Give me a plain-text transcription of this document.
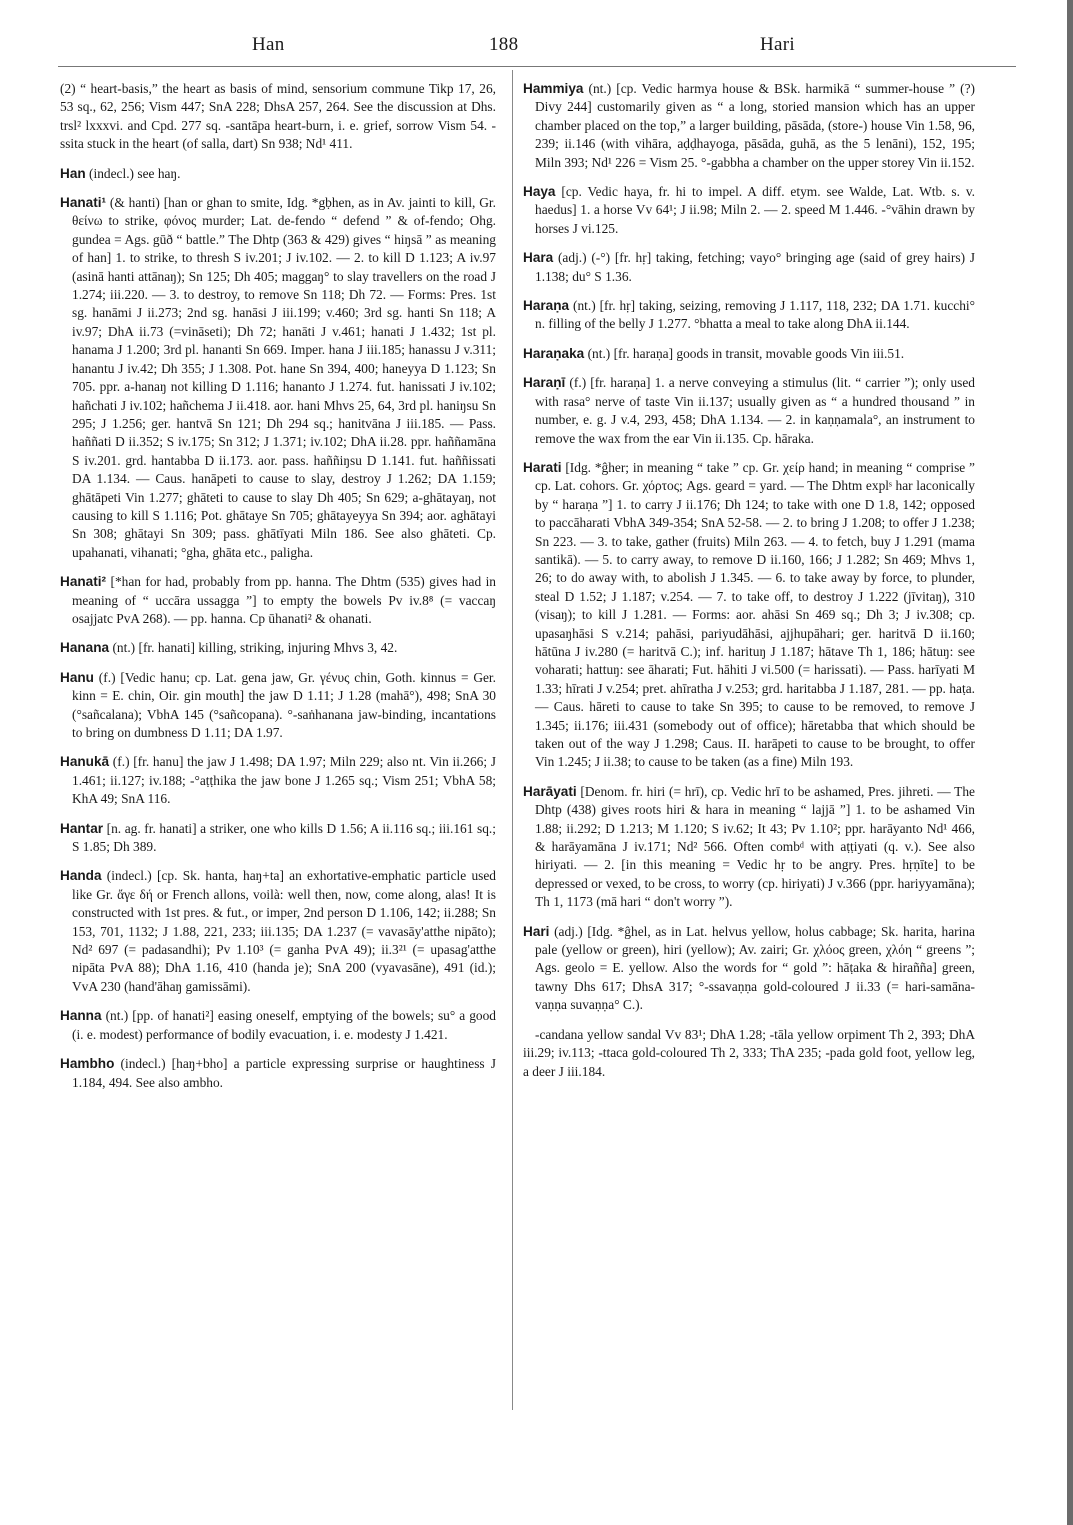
Han	188	Hari

(2) “ heart-basis,” the heart as basis of mind, sensorium commune Tikp 17, 26, 53 sq., 62, 256; Vism 447; SnA 228; DhsA 257, 264. See the discussion at Dhs. trsl² lxxxvi. and Cpd. 277 sq. -santāpa heart-burn, i. e. grief, sorrow Vism 54. -ssita stuck in the heart (of salla, dart) Sn 938; Nd¹ 411.

Han (indecl.) see haŋ.

Hanati¹ (& hanti) [han or ghan to smite, Idg. *gḅhen, as in Av. jainti to kill, Gr. θείνω to strike, φόνος murder; Lat. de-fendo “ defend ” & of-fendo; Ohg. gundea = Ags. gūð “ battle.” The Dhtp (363 & 429) gives “ hiŋsā ” as meaning of han] 1. to strike, to thresh S iv.201; J iv.102. — 2. to kill D 1.123; A iv.97 (asinā hanti attānaŋ); Sn 125; Dh 405; maggaŋ° to slay travellers on the road J 1.274; iii.220. — 3. to destroy, to remove Sn 118; Dh 72. — Forms: Pres. 1st sg. hanāmi J ii.273; 2nd sg. hanāsi J iii.199; v.460; 3rd sg. hanti Sn 118; A iv.97; DhA ii.73 (=vināseti); Dh 72; hanāti J v.461; hanati J 1.432; 1st pl. hanama J 1.200; 3rd pl. hananti Sn 669. Imper. hana J iii.185; hanassu J v.311; hanantu J iv.42; Dh 355; J 1.308. Pot. hane Sn 394, 400; haneyya D 1.123; Sn 705. ppr. a-hanaŋ not killing D 1.116; hananto J 1.274. fut. hanissati J iv.102; hañchati J iv.102; hañchema J ii.418. aor. hani Mhvs 25, 64, 3rd pl. haniŋsu Sn 295; J 1.256; ger. hantvā Sn 121; Dh 294 sq.; hanitvāna J iii.185. — Pass. haññati D ii.352; S iv.175; Sn 312; J 1.371; iv.102; DhA ii.28. ppr. haññamāna S iv.201. grd. hantabba D ii.173. aor. pass. haññiŋsu D 1.141. fut. haññissati DA 1.134. — Caus. hanāpeti to cause to slay, destroy J 1.262; DA 1.159; ghātāpeti Vin 1.277; ghāteti to cause to slay Dh 405; Sn 629; a-ghātayaŋ, not causing to kill S 1.116; Pot. ghātaye Sn 705; ghātayeyya Sn 394; aor. aghātayi Sn 308; ghātayi Sn 309; pass. ghātīyati Miln 186. See also ghāteti. Cp. upahanati, vihanati; °gha, ghāta etc., paligha.

Hanati² [*han for had, probably from pp. hanna. The Dhtm (535) gives had in meaning of “ uccāra ussagga ”] to empty the bowels Pv iv.8⁸ (= vaccaŋ osajjatc PvA 268). — pp. hanna. Cp ūhanati² & ohanati.

Hanana (nt.) [fr. hanati] killing, striking, injuring Mhvs 3, 42.

Hanu (f.) [Vedic hanu; cp. Lat. gena jaw, Gr. γένυς chin, Goth. kinnus = Ger. kinn = E. chin, Oir. gin mouth] the jaw D 1.11; J 1.28 (mahā°), 498; SnA 30 (°sañcalana); VbhA 145 (°sañcopana). °-saṅhanana jaw-binding, incantations to bring on dumbness D 1.11; DA 1.97.

Hanukā (f.) [fr. hanu] the jaw J 1.498; DA 1.97; Miln 229; also nt. Vin ii.266; J 1.461; ii.127; iv.188; -°aṭṭhika the jaw bone J 1.265 sq.; Vism 251; VbhA 58; KhA 49; SnA 116.

Hantar [n. ag. fr. hanati] a striker, one who kills D 1.56; A ii.116 sq.; iii.161 sq.; S 1.85; Dh 389.

Handa (indecl.) [cp. Sk. hanta, haŋ+ta] an exhortative-emphatic particle used like Gr. ἄγε δή or French allons, voilà: well then, now, come along, alas! It is constructed with 1st pres. & fut., or imper, 2nd person D 1.106, 142; ii.288; Sn 153, 701, 1132; J 1.88, 221, 233; iii.135; DA 1.237 (= vavasāy'atthe nipāto); Nd² 697 (= padasandhi); Pv 1.10³ (= ganha PvA 49); ii.3²¹ (= upasag'atthe nipāta PvA 88); DhA 1.16, 410 (handa je); SnA 200 (vyavasāne), 491 (id.); VvA 230 (hand'āhaŋ gamissāmi).

Hanna (nt.) [pp. of hanati²] easing oneself, emptying of the bowels; su° a good (i. e. modest) performance of bodily evacuation, i. e. modesty J 1.421.

Hambho (indecl.) [haŋ+bho] a particle expressing surprise or haughtiness J 1.184, 494. See also ambho.

Hammiya (nt.) [cp. Vedic harmya house & BSk. harmikā “ summer-house ” (?) Divy 244] customarily given as “ a long, storied mansion which has an upper chamber placed on the top,” a larger building, pāsāda, (store-) house Vin 1.58, 96, 239; ii.146 (with vihāra, aḍḍhayoga, pāsāda, guhā, as the 5 lenāni), 152, 195; Miln 393; Nd¹ 226 = Vism 25. °-gabbha a chamber on the upper storey Vin ii.152.

Haya [cp. Vedic haya, fr. hi to impel. A diff. etym. see Walde, Lat. Wtb. s. v. haedus] 1. a horse Vv 64¹; J ii.98; Miln 2. — 2. speed M 1.446. -°vāhin drawn by horses J vi.125.

Hara (adj.) (-°) [fr. hṛ] taking, fetching; vayo° bringing age (said of grey hairs) J 1.138; du° S 1.36.

Haraṇa (nt.) [fr. hṛ] taking, seizing, removing J 1.117, 118, 232; DA 1.71. kucchi° n. filling of the belly J 1.277. °bhatta a meal to take along DhA ii.144.

Haraṇaka (nt.) [fr. haraṇa] goods in transit, movable goods Vin iii.51.

Haraṇī (f.) [fr. haraṇa] 1. a nerve conveying a stimulus (lit. “ carrier ”); only used with rasa° nerve of taste Vin ii.137; usually given as “ a hundred thousand ” in number, e. g. J v.4, 293, 458; DhA 1.134. — 2. in kaṇṇamala°, an instrument to remove the wax from the ear Vin ii.135. Cp. hāraka.

Harati [Idg. *ĝher; in meaning “ take ” cp. Gr. χείρ hand; in meaning “ comprise ” cp. Lat. cohors. Gr. χόρτος; Ags. geard = yard. — The Dhtm explˢ har laconically by “ haraṇa ”] 1. to carry J ii.176; Dh 124; to take with one D 1.8, 142; opposed to paccāharati VbhA 349-354; SnA 52-58. — 2. to bring J 1.208; to offer J 1.238; Sn 223. — 3. to take, gather (fruits) Miln 263. — 4. to fetch, buy J 1.291 (mama santikā). — 5. to carry away, to remove D ii.160, 166; J 1.282; Sn 469; Mhvs 1, 26; to do away with, to abolish J 1.345. — 6. to take away by force, to plunder, steal D 1.52; J 1.187; v.254. — 7. to take off, to destroy J 1.222 (jīvitaŋ), 310 (visaŋ); to kill J 1.281. — Forms: aor. ahāsi Sn 469 sq.; Dh 3; J iv.308; cp. upasaŋhāsi S v.214; pahāsi, pariyudāhāsi, ajjhupāhari; ger. haritvā D ii.160; hātūna J iv.280 (= haritvā C.); inf. harituŋ J 1.187; hātave Th 1, 186; hātuŋ: see voharati; hattuŋ: see āharati; Fut. hāhiti J vi.500 (= harissati). — Pass. harīyati M 1.33; hīrati J v.254; pret. ahīratha J v.253; grd. haritabba J 1.187, 281. — pp. haṭa. — Caus. hāreti to cause to take Sn 395; to cause to be removed, to remove J 1.345; ii.176; iii.431 (somebody out of office); hāretabba that which should be taken out of the way J 1.298; Caus. II. harāpeti to cause to be brought, to offer Vin 1.245; J ii.38; to cause to be taken (as a fine) Miln 193.

Harāyati [Denom. fr. hiri (= hrī), cp. Vedic hrī to be ashamed, Pres. jihreti. — The Dhtp (438) gives roots hiri & hara in meaning “ lajjā ”] 1. to be ashamed Vin 1.88; ii.292; D 1.213; M 1.120; S iv.62; It 43; Pv 1.10²; ppr. harāyanto Nd¹ 466, & harāyamāna J iv.171; Nd² 566. Often combᵈ with aṭṭiyati (q. v.). See also hiriyati. — 2. [in this meaning = Vedic hṛ to be angry. Pres. hṛṇīte] to be depressed or vexed, to be cross, to worry (cp. hiriyati) J v.366 (ppr. hariyyamāna); Th 1, 1173 (mā hari “ don't worry ”).

Hari (adj.) [Idg. *ĝhel, as in Lat. helvus yellow, holus cabbage; Sk. harita, harina pale (yellow or green), hiri (yellow); Av. zairi; Gr. χλόος green, χλόη “ greens ”; Ags. geolo = E. yellow. Also the words for “ gold ”: hāṭaka & hirañña] green, tawny Dhs 617; DhsA 317; °-ssavaṇṇa gold-coloured J ii.33 (= hari-samāna-vaṇṇa suvaṇṇa° C.).

-candana yellow sandal Vv 83¹; DhA 1.28; -tāla yellow orpiment Th 2, 393; DhA iii.29; iv.113; -ttaca gold-coloured Th 2, 333; ThA 235; -pada gold foot, yellow leg, a deer J iii.184.
